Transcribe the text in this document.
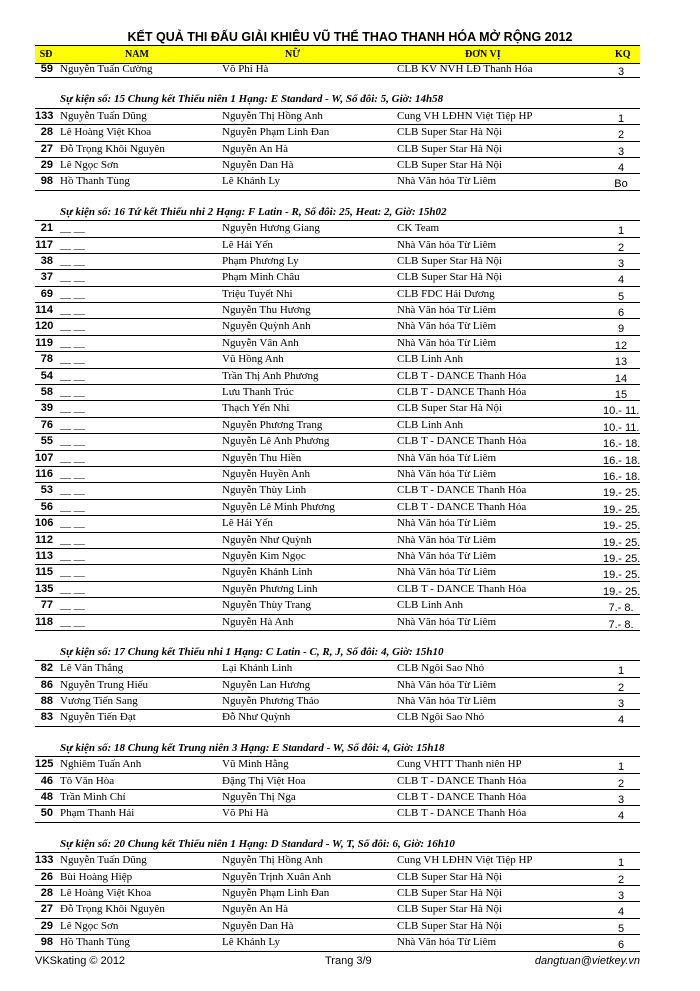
KẾT QUẢ THI ĐẤU GIẢI KHIÊU VŨ THỂ THAO THANH HÓA MỞ RỘNG 2012
SĐ	NAM	NỮ	ĐƠN VỊ	KQ
59 Nguyễn Tuấn Cường	Võ Phi Hà	CLB KV NVH LĐ Thanh Hóa	3
Sự kiện số: 15 Chung kết Thiếu niên 1 Hạng: E Standard - W, Số đôi: 5, Giờ: 14h58
133 Nguyễn Tuấn Dũng	Nguyễn Thị Hồng Anh	Cung VH LĐHN Việt Tiệp HP	1
28 Lê Hoàng Việt Khoa	Nguyễn Phạm Linh Đan	CLB Super Star Hà Nội	2
27 Đỗ Trọng Khôi Nguyên	Nguyễn An Hà	CLB Super Star Hà Nội	3
29 Lê Ngọc Sơn	Nguyễn Dan Hà	CLB Super Star Hà Nội	4
98 Hồ Thanh Tùng	Lê Khánh Ly	Nhà Văn hóa Từ Liêm	Bo
Sự kiện số: 16 Tứ kết Thiếu nhi 2 Hạng: F Latin - R, Số đôi: 25, Heat: 2, Giờ: 15h02
21 __ __	Nguyễn Hương Giang	CK Team	1
117 __ __	Lê Hải Yến	Nhà Văn hóa Từ Liêm	2
38 __ __	Phạm Phương Ly	CLB Super Star Hà Nội	3
37 __ __	Phạm Minh Châu	CLB Super Star Hà Nội	4
69 __ __	Triệu Tuyết Nhi	CLB FDC Hải Dương	5
114 __ __	Nguyễn Thu Hương	Nhà Văn hóa Từ Liêm	6
120 __ __	Nguyễn Quỳnh Anh	Nhà Văn hóa Từ Liêm	9
119 __ __	Nguyễn Vân Anh	Nhà Văn hóa Từ Liêm	12
78 __ __	Vũ Hồng Anh	CLB Linh Anh	13
54 __ __	Trần Thị Anh Phương	CLB T - DANCE Thanh Hóa	14
58 __ __	Lưu Thanh Trúc	CLB T - DANCE Thanh Hóa	15
39 __ __	Thạch Yến Nhi	CLB Super Star Hà Nội	10.- 11.
76 __ __	Nguyễn Phương Trang	CLB Linh Anh	10.- 11.
55 __ __	Nguyễn Lê Anh Phương	CLB T - DANCE Thanh Hóa	16.- 18.
107 __ __	Nguyễn Thu Hiền	Nhà Văn hóa Từ Liêm	16.- 18.
116 __ __	Nguyễn Huyền Anh	Nhà Văn hóa Từ Liêm	16.- 18.
53 __ __	Nguyễn Thùy Linh	CLB T - DANCE Thanh Hóa	19.- 25.
56 __ __	Nguyễn Lê Minh Phương	CLB T - DANCE Thanh Hóa	19.- 25.
106 __ __	Lê Hải Yến	Nhà Văn hóa Từ Liêm	19.- 25.
112 __ __	Nguyễn Như Quỳnh	Nhà Văn hóa Từ Liêm	19.- 25.
113 __ __	Nguyễn Kim Ngọc	Nhà Văn hóa Từ Liêm	19.- 25.
115 __ __	Nguyễn Khánh Linh	Nhà Văn hóa Từ Liêm	19.- 25.
135 __ __	Nguyễn Phương Linh	CLB T - DANCE Thanh Hóa	19.- 25.
77 __ __	Nguyễn Thùy Trang	CLB Linh Anh	7.- 8.
118 __ __	Nguyễn Hà Anh	Nhà Văn hóa Từ Liêm	7.- 8.
Sự kiện số: 17 Chung kết Thiếu nhi 1 Hạng: C Latin - C, R, J, Số đôi: 4, Giờ: 15h10
82 Lê Văn Thắng	Lại Khánh Linh	CLB Ngôi Sao Nhỏ	1
86 Nguyễn Trung Hiếu	Nguyễn Lan Hương	Nhà Văn hóa Từ Liêm	2
88 Vương Tiến Sang	Nguyễn Phương Thảo	Nhà Văn hóa Từ Liêm	3
83 Nguyễn Tiến Đạt	Đỗ Như Quỳnh	CLB Ngôi Sao Nhỏ	4
Sự kiện số: 18 Chung kết Trung niên 3 Hạng: E Standard - W, Số đôi: 4, Giờ: 15h18
125 Nghiêm Tuấn Anh	Vũ Minh Hằng	Cung VHTT Thanh niên HP	1
46 Tô Văn Hòa	Đặng Thị Việt Hoa	CLB T - DANCE Thanh Hóa	2
48 Trần Minh Chí	Nguyễn Thị Nga	CLB T - DANCE Thanh Hóa	3
50 Phạm Thanh Hải	Võ Phi Hà	CLB T - DANCE Thanh Hóa	4
Sự kiện số: 20 Chung kết Thiếu niên 1 Hạng: D Standard - W, T, Số đôi: 6, Giờ: 16h10
133 Nguyễn Tuấn Dũng	Nguyễn Thị Hồng Anh	Cung VH LĐHN Việt Tiệp HP	1
26 Bùi Hoàng Hiệp	Nguyễn Trịnh Xuân Anh	CLB Super Star Hà Nội	2
28 Lê Hoàng Việt Khoa	Nguyễn Phạm Linh Đan	CLB Super Star Hà Nội	3
27 Đỗ Trọng Khôi Nguyên	Nguyễn An Hà	CLB Super Star Hà Nội	4
29 Lê Ngọc Sơn	Nguyễn Dan Hà	CLB Super Star Hà Nội	5
98 Hồ Thanh Tùng	Lê Khánh Ly	Nhà Văn hóa Từ Liêm	6
VKSkating © 2012	Trang 3/9	dangtuan@vietkey.vn
